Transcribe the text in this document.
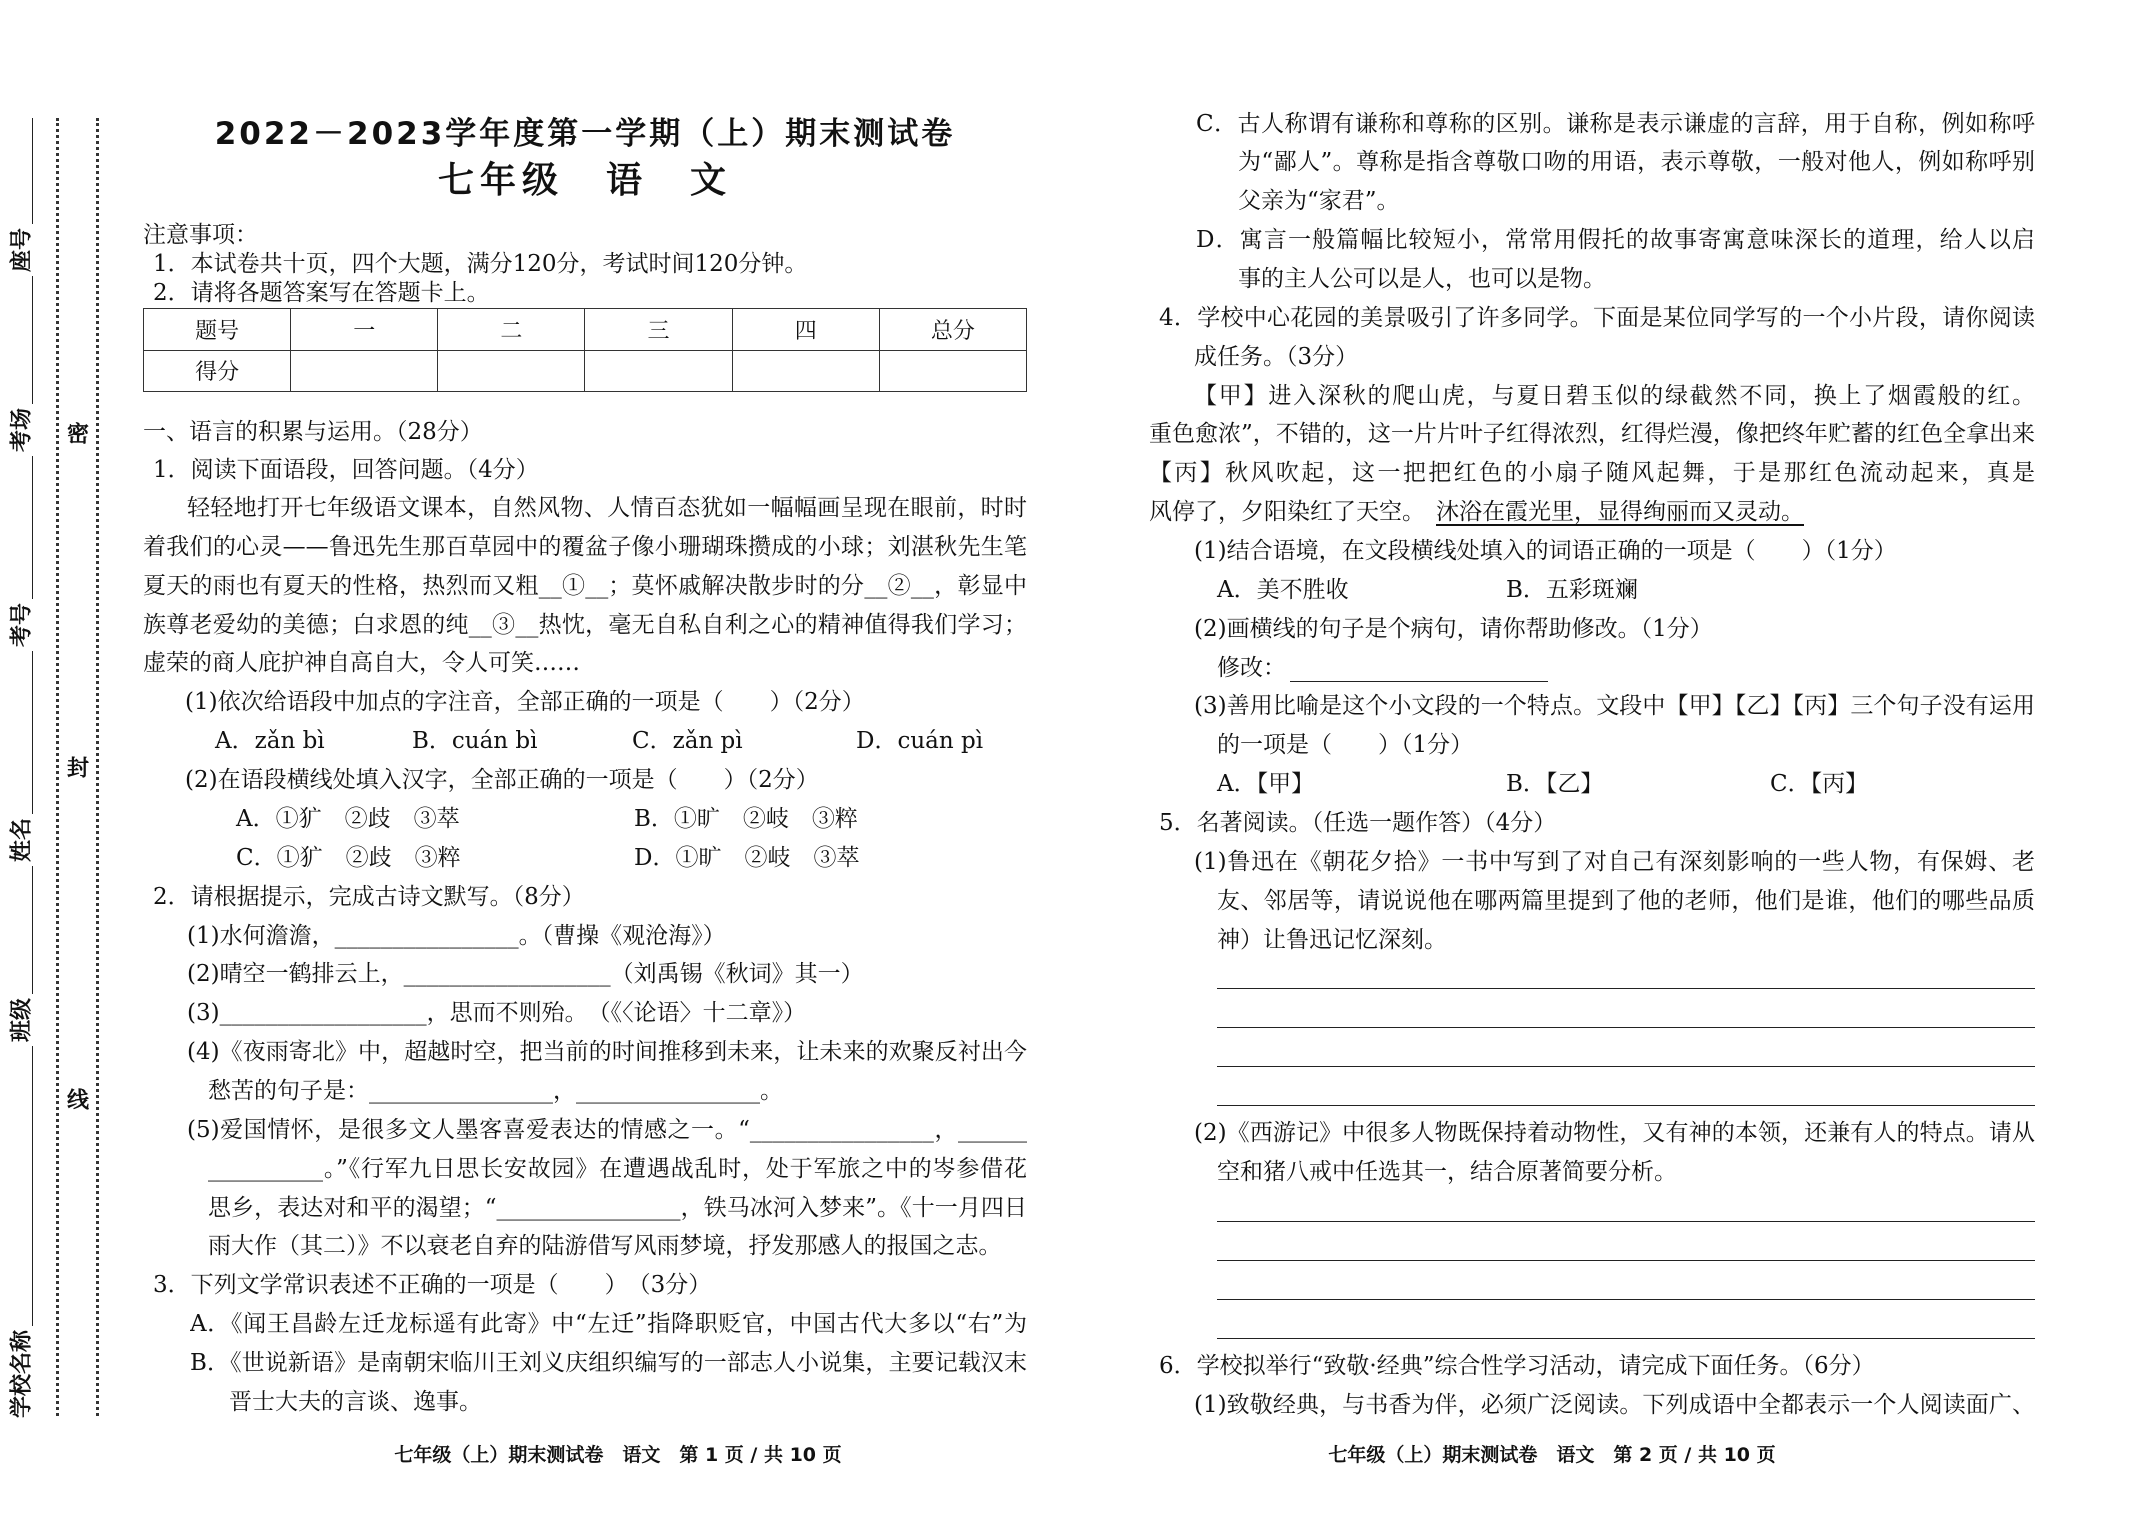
座号
考场
考号
姓名
班级
学校名称
密
封
线
2022－2023学年度第一学期（上）期末测试卷
七年级　语　文
题号	一	二	三	四	总分
得分					
注意事项：
1．本试卷共十页，四个大题，满分120分，考试时间120分钟。
2．请将各题答案写在答题卡上。
一、语言的积累与运用。（28分）
1．阅读下面语段，回答问题。（4分）
轻轻地打开七年级语文课本，自然风物、人情百态犹如一幅幅画呈现在眼前，时时
着我们的心灵——鲁迅先生那百草园中的覆盆子像小珊瑚珠攒成的小球；刘湛秋先生笔
夏天的雨也有夏天的性格，热烈而又粗__①__；莫怀戚解决散步时的分__②__，彰显中
族尊老爱幼的美德；白求恩的纯__③__热忱，毫无自私自利之心的精神值得我们学习；
虚荣的商人庇护神自高自大，令人可笑……
(1)依次给语段中加点的字注音，全部正确的一项是（　　）（2分）
A．zǎn bì	B．cuán bì	C．zǎn pì	D．cuán pì
(2)在语段横线处填入汉字，全部正确的一项是（　　）（2分）
A．①犷　②歧　③萃	B．①旷　②岐　③粹
C．①犷　②歧　③粹	D．①旷　②岐　③萃
2．请根据提示，完成古诗文默写。（8分）
(1)水何澹澹，________________。（曹操《观沧海》）
(2)晴空一鹤排云上，__________________（刘禹锡《秋词》其一）
(3)__________________，思而不则殆。　（《〈论语〉十二章》）
(4)《夜雨寄北》中，超越时空，把当前的时间推移到未来，让未来的欢聚反衬出今
愁苦的句子是：________________，________________。
(5)爱国情怀，是很多文人墨客喜爱表达的情感之一。“________________，______
__________。”《行军九日思长安故园》在遭遇战乱时，处于军旅之中的岑参借花
思乡，表达对和平的渴望；“________________，铁马冰河入梦来”。《十一月四日
雨大作（其二）》不以衰老自弃的陆游借写风雨梦境，抒发那感人的报国之志。
3．下列文学常识表述不正确的一项是（　　）　（3分）
A．《闻王昌龄左迁龙标遥有此寄》中“左迁”指降职贬官，中国古代大多以“右”为
B．《世说新语》是南朝宋临川王刘义庆组织编写的一部志人小说集，主要记载汉末
晋士大夫的言谈、逸事。
C．古人称谓有谦称和尊称的区别。谦称是表示谦虚的言辞，用于自称，例如称呼
为“鄙人”。尊称是指含尊敬口吻的用语，表示尊敬，一般对他人，例如称呼别
父亲为“家君”。
D．寓言一般篇幅比较短小，常常用假托的故事寄寓意味深长的道理，给人以启
事的主人公可以是人，也可以是物。
4．学校中心花园的美景吸引了许多同学。下面是某位同学写的一个小片段，请你阅读
成任务。（3分）
【甲】进入深秋的爬山虎，与夏日碧玉似的绿截然不同，换上了烟霞般的红。
重色愈浓”，不错的，这一片片叶子红得浓烈，红得烂漫，像把终年贮蓄的红色全拿出来
【丙】秋风吹起，这一把把红色的小扇子随风起舞，于是那红色流动起来，真是
风停了，夕阳染红了天空。 沐浴在霞光里，显得绚丽而又灵动。
(1)结合语境，在文段横线处填入的词语正确的一项是（　　）（1分）
A．美不胜收	B．五彩斑斓
(2)画横线的句子是个病句，请你帮助修改。（1分）
修改：
(3)善用比喻是这个小文段的一个特点。文段中【甲】【乙】【丙】三个句子没有运用
的一项是（　　）（1分）
A．【甲】	B．【乙】	C．【丙】
5．名著阅读。（任选一题作答）（4分）
(1)鲁迅在《朝花夕拾》一书中写到了对自己有深刻影响的一些人物，有保姆、老
友、邻居等，请说说他在哪两篇里提到了他的老师，他们是谁，他们的哪些品质
神）让鲁迅记忆深刻。
(2)《西游记》中很多人物既保持着动物性，又有神的本领，还兼有人的特点。请从
空和猪八戒中任选其一，结合原著简要分析。
6．学校拟举行“致敬·经典”综合性学习活动，请完成下面任务。（6分）
(1)致敬经典，与书香为伴，必须广泛阅读。下列成语中全都表示一个人阅读面广、
七年级（上）期末测试卷　语文　第 1 页 / 共 10 页	七年级（上）期末测试卷　语文　第 2 页 / 共 10 页
